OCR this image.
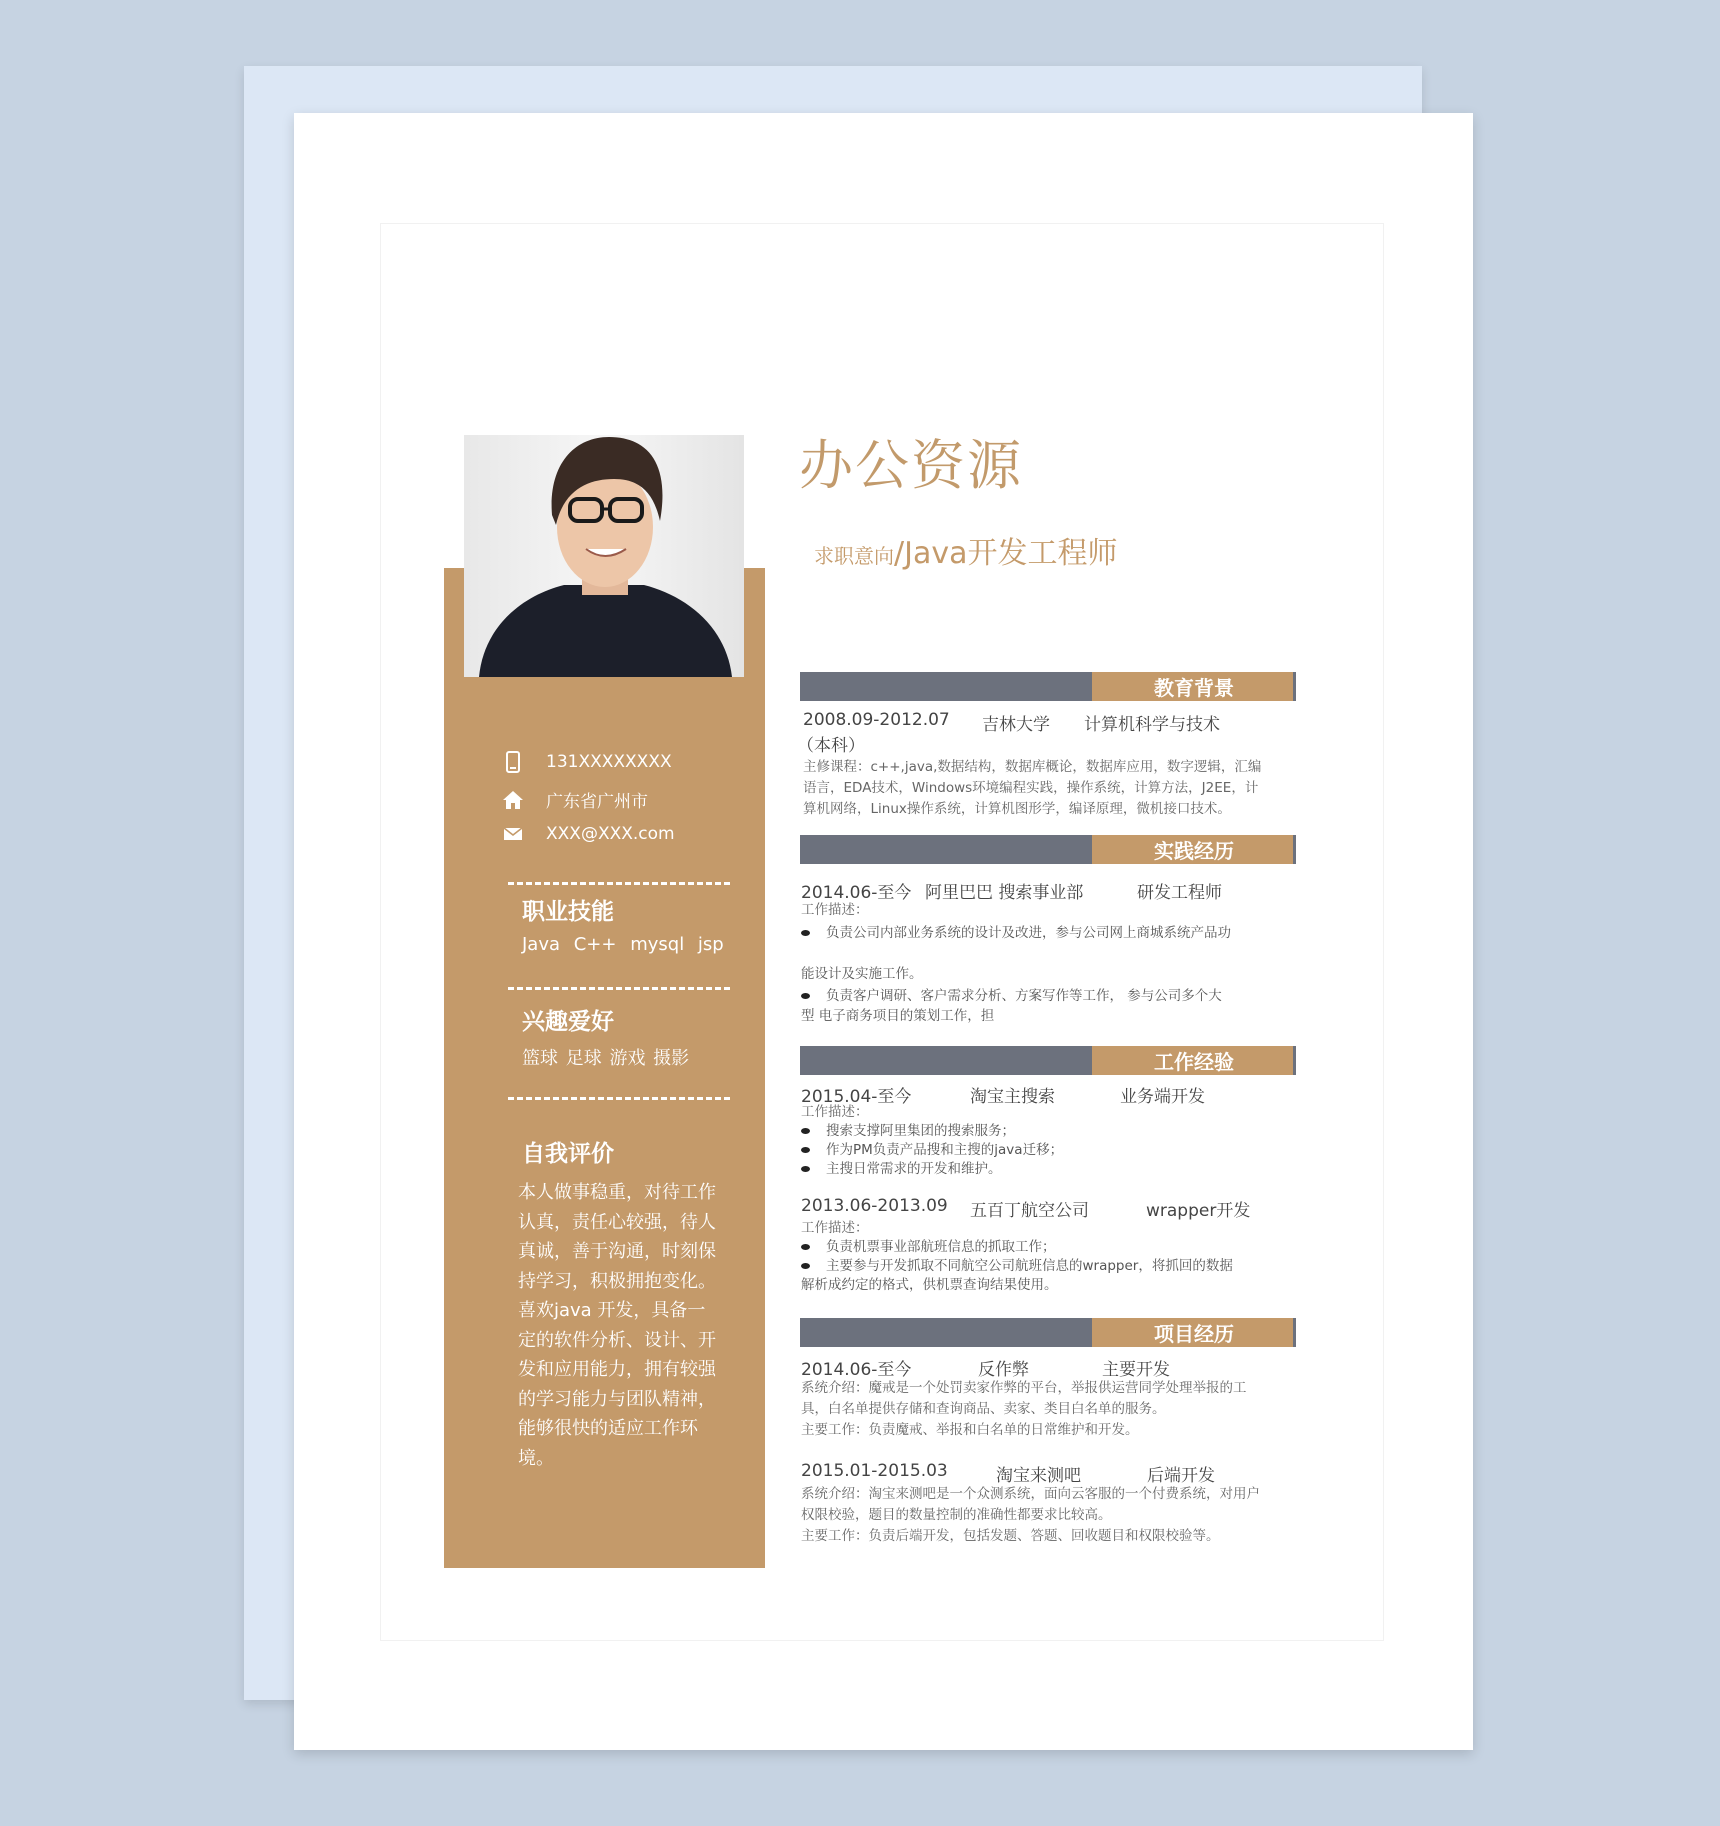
131XXXXXXXX
广东省广州市
XXX@XXX.com
职业技能
Java C++ mysql jsp
兴趣爱好
篮球 足球 游戏 摄影
自我评价
本人做事稳重，对待工作认真，责任心较强，待人真诚，善于沟通，时刻保持学习，积极拥抱变化。喜欢java 开发，具备一定的软件分析、设计、开发和应用能力，拥有较强的学习能力与团队精神，能够很快的适应工作环境。
办公资源
求职意向/Java开发工程师
教育背景
2008.09-2012.07 吉林大学 计算机科学与技术
（本科）
主修课程：c++,java,数据结构，数据库概论，数据库应用，数字逻辑，汇编语言，EDA技术，Windows环境编程实践，操作系统，计算方法，J2EE，计算机网络，Linux操作系统，计算机图形学，编译原理，微机接口技术。
实践经历
2014.06-至今 阿里巴巴 搜索事业部	研发工程师
工作描述：
负责公司内部业务系统的设计及改进，参与公司网上商城系统产品功
能设计及实施工作。
负责客户调研、客户需求分析、方案写作等工作， 参与公司多个大
型 电子商务项目的策划工作，担
工作经验
2015.04-至今	淘宝主搜索	业务端开发
工作描述：
搜索支撑阿里集团的搜索服务；
作为PM负责产品搜和主搜的java迁移；
主搜日常需求的开发和维护。
2013.06-2013.09 五百丁航空公司	wrapper开发
工作描述：
负责机票事业部航班信息的抓取工作；
主要参与开发抓取不同航空公司航班信息的wrapper，将抓回的数据
解析成约定的格式，供机票查询结果使用。
项目经历
2014.06-至今	反作弊	主要开发
系统介绍：魔戒是一个处罚卖家作弊的平台，举报供运营同学处理举报的工具，白名单提供存储和查询商品、卖家、类目白名单的服务。
主要工作：负责魔戒、举报和白名单的日常维护和开发。
2015.01-2015.03	淘宝来测吧	后端开发
系统介绍：淘宝来测吧是一个众测系统，面向云客服的一个付费系统，对用户权限校验，题目的数量控制的准确性都要求比较高。
主要工作：负责后端开发，包括发题、答题、回收题目和权限校验等。
